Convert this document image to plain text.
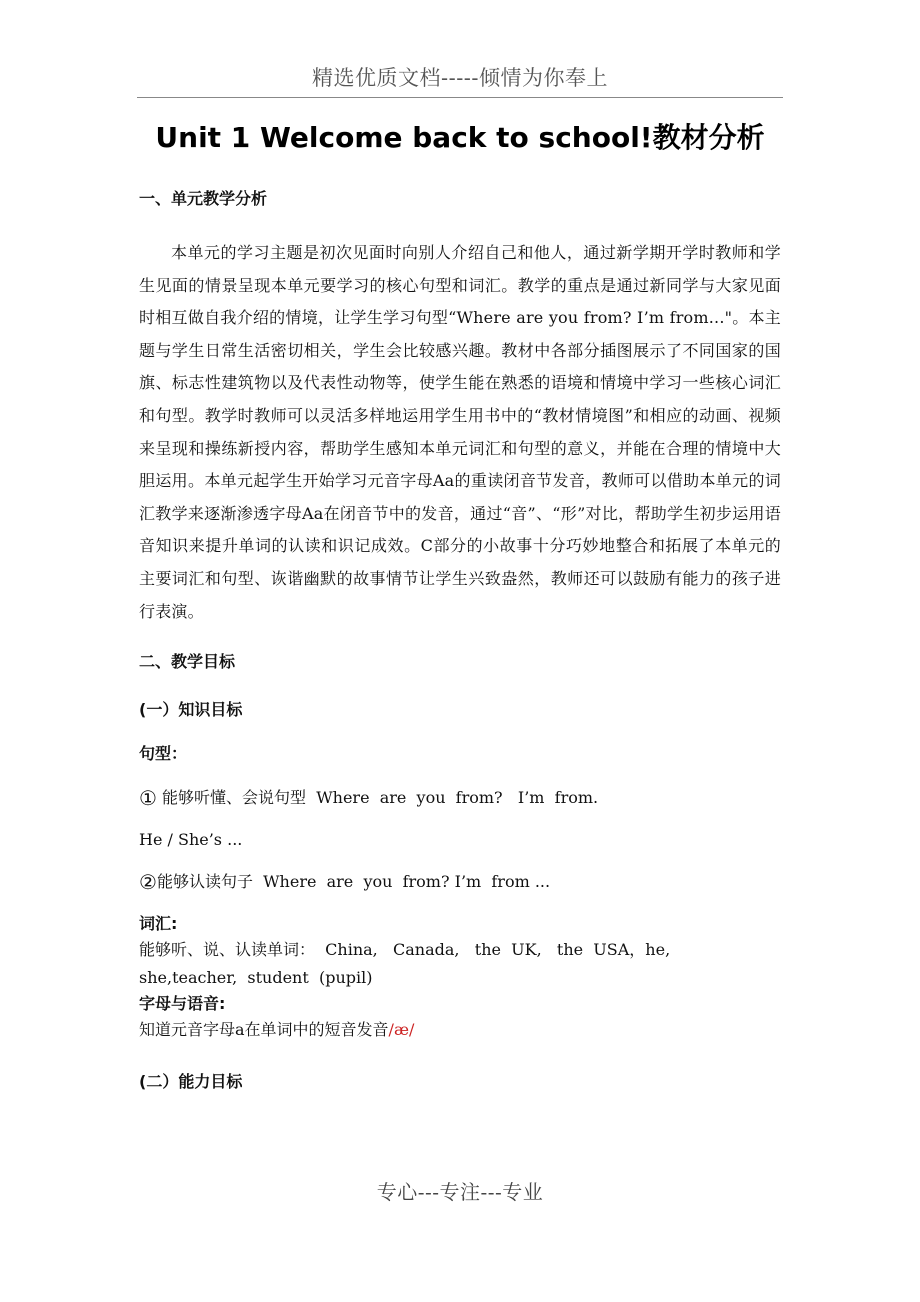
精选优质文档-----倾情为你奉上
Unit 1 Welcome back to school!教材分析

一、单元教学分析

本单元的学习主题是初次见面时向别人介绍自己和他人，通过新学期开学时教师和学生见面的情景呈现本单元要学习的核心句型和词汇。教学的重点是通过新同学与大家见面时相互做自我介绍的情境，让学生学习句型“Where are you from? I’m from..."。本主题与学生日常生活密切相关，学生会比较感兴趣。教材中各部分插图展示了不同国家的国旗、标志性建筑物以及代表性动物等，使学生能在熟悉的语境和情境中学习一些核心词汇和句型。教学时教师可以灵活多样地运用学生用书中的“教材情境图”和相应的动画、视频来呈现和操练新授内容，帮助学生感知本单元词汇和句型的意义，并能在合理的情境中大胆运用。本单元起学生开始学习元音字母Aa的重读闭音节发音，教师可以借助本单元的词汇教学来逐渐渗透字母Aa在闭音节中的发音，通过“音”、“形”对比，帮助学生初步运用语音知识来提升单词的认读和识记成效。C部分的小故事十分巧妙地整合和拓展了本单元的主要词汇和句型、诙谐幽默的故事情节让学生兴致盎然，教师还可以鼓励有能力的孩子进行表演。

二、教学目标

(一）知识目标

句型：

① 能够听懂、会说句型  Where  are  you  from?   I’m  from.

He / She’s ...

②能够认读句子  Where  are  you  from? I’m  from ...

词汇:

能够听、说、认读单词：  China,   Canada,   the  UK,   the  USA，he,

she,teacher,  student  (pupil)

字母与语音:

知道元音字母a在单词中的短音发音/æ/

(二）能力目标

专心---专注---专业
